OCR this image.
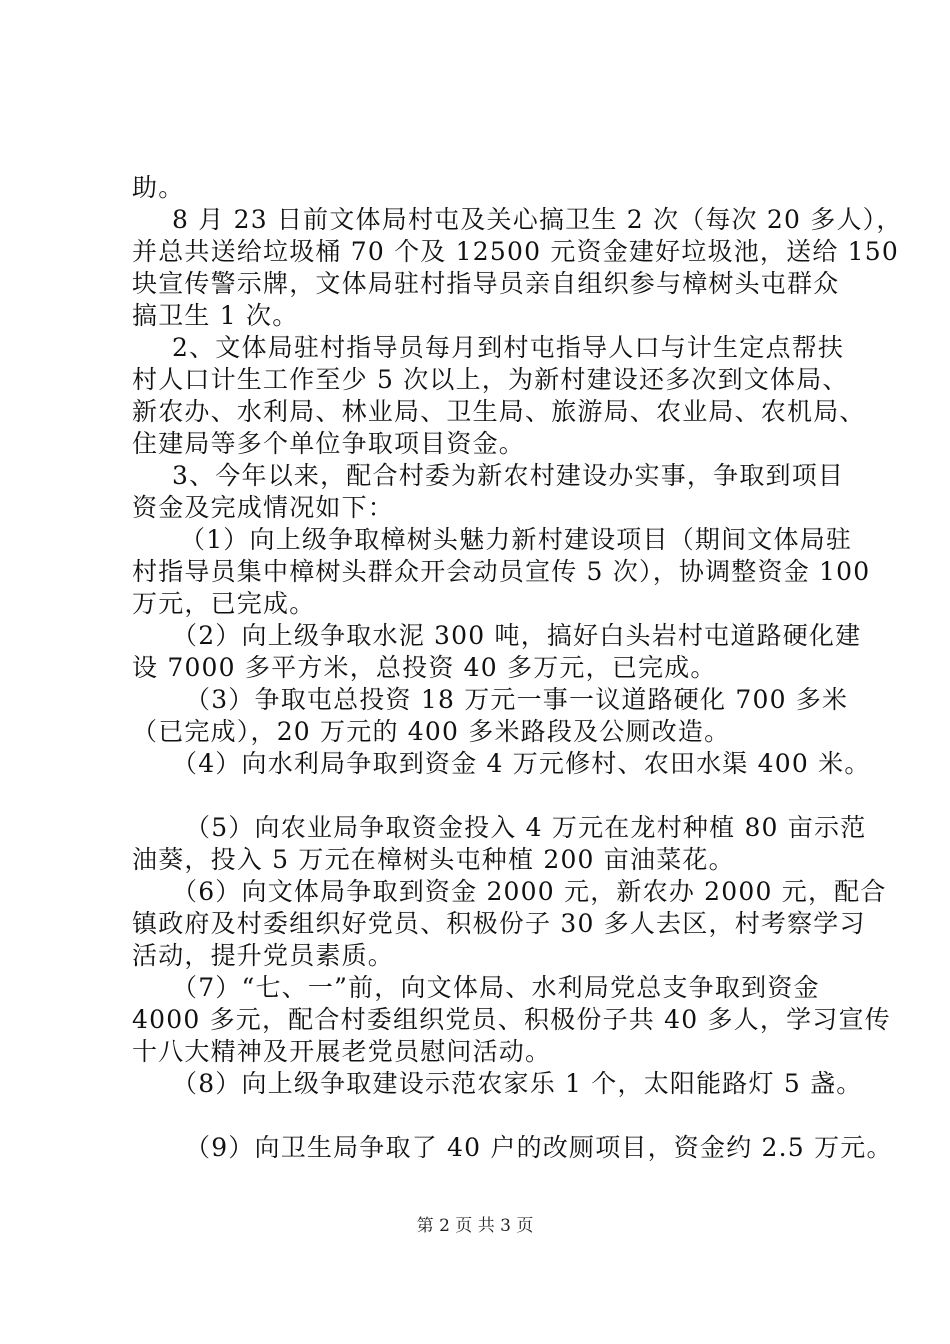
助。
8 月 23 日前文体局村屯及关心搞卫生 2 次（每次 20 多人），
并总共送给垃圾桶 70 个及 12500 元资金建好垃圾池，送给 150
块宣传警示牌，文体局驻村指导员亲自组织参与樟树头屯群众
搞卫生 1 次。
2、文体局驻村指导员每月到村屯指导人口与计生定点帮扶
村人口计生工作至少 5 次以上，为新村建设还多次到文体局、
新农办、水利局、林业局、卫生局、旅游局、农业局、农机局、
住建局等多个单位争取项目资金。
3、今年以来，配合村委为新农村建设办实事，争取到项目
资金及完成情况如下：
（1）向上级争取樟树头魅力新村建设项目（期间文体局驻
村指导员集中樟树头群众开会动员宣传 5 次），协调整资金 100
万元，已完成。
（2）向上级争取水泥 300 吨，搞好白头岩村屯道路硬化建
设 7000 多平方米，总投资 40 多万元，已完成。
（3）争取屯总投资 18 万元一事一议道路硬化 700 多米
（已完成），20 万元的 400 多米路段及公厕改造。
（4）向水利局争取到资金 4 万元修村、农田水渠 400 米。
（5）向农业局争取资金投入 4 万元在龙村种植 80 亩示范
油葵，投入 5 万元在樟树头屯种植 200 亩油菜花。
（6）向文体局争取到资金 2000 元，新农办 2000 元，配合
镇政府及村委组织好党员、积极份子 30 多人去区，村考察学习
活动，提升党员素质。
（7）“七、一”前，向文体局、水利局党总支争取到资金
4000 多元，配合村委组织党员、积极份子共 40 多人，学习宣传
十八大精神及开展老党员慰问活动。
（8）向上级争取建设示范农家乐 1 个，太阳能路灯 5 盏。
（9）向卫生局争取了 40 户的改厕项目，资金约 2.5 万元。
第 2 页 共 3 页
